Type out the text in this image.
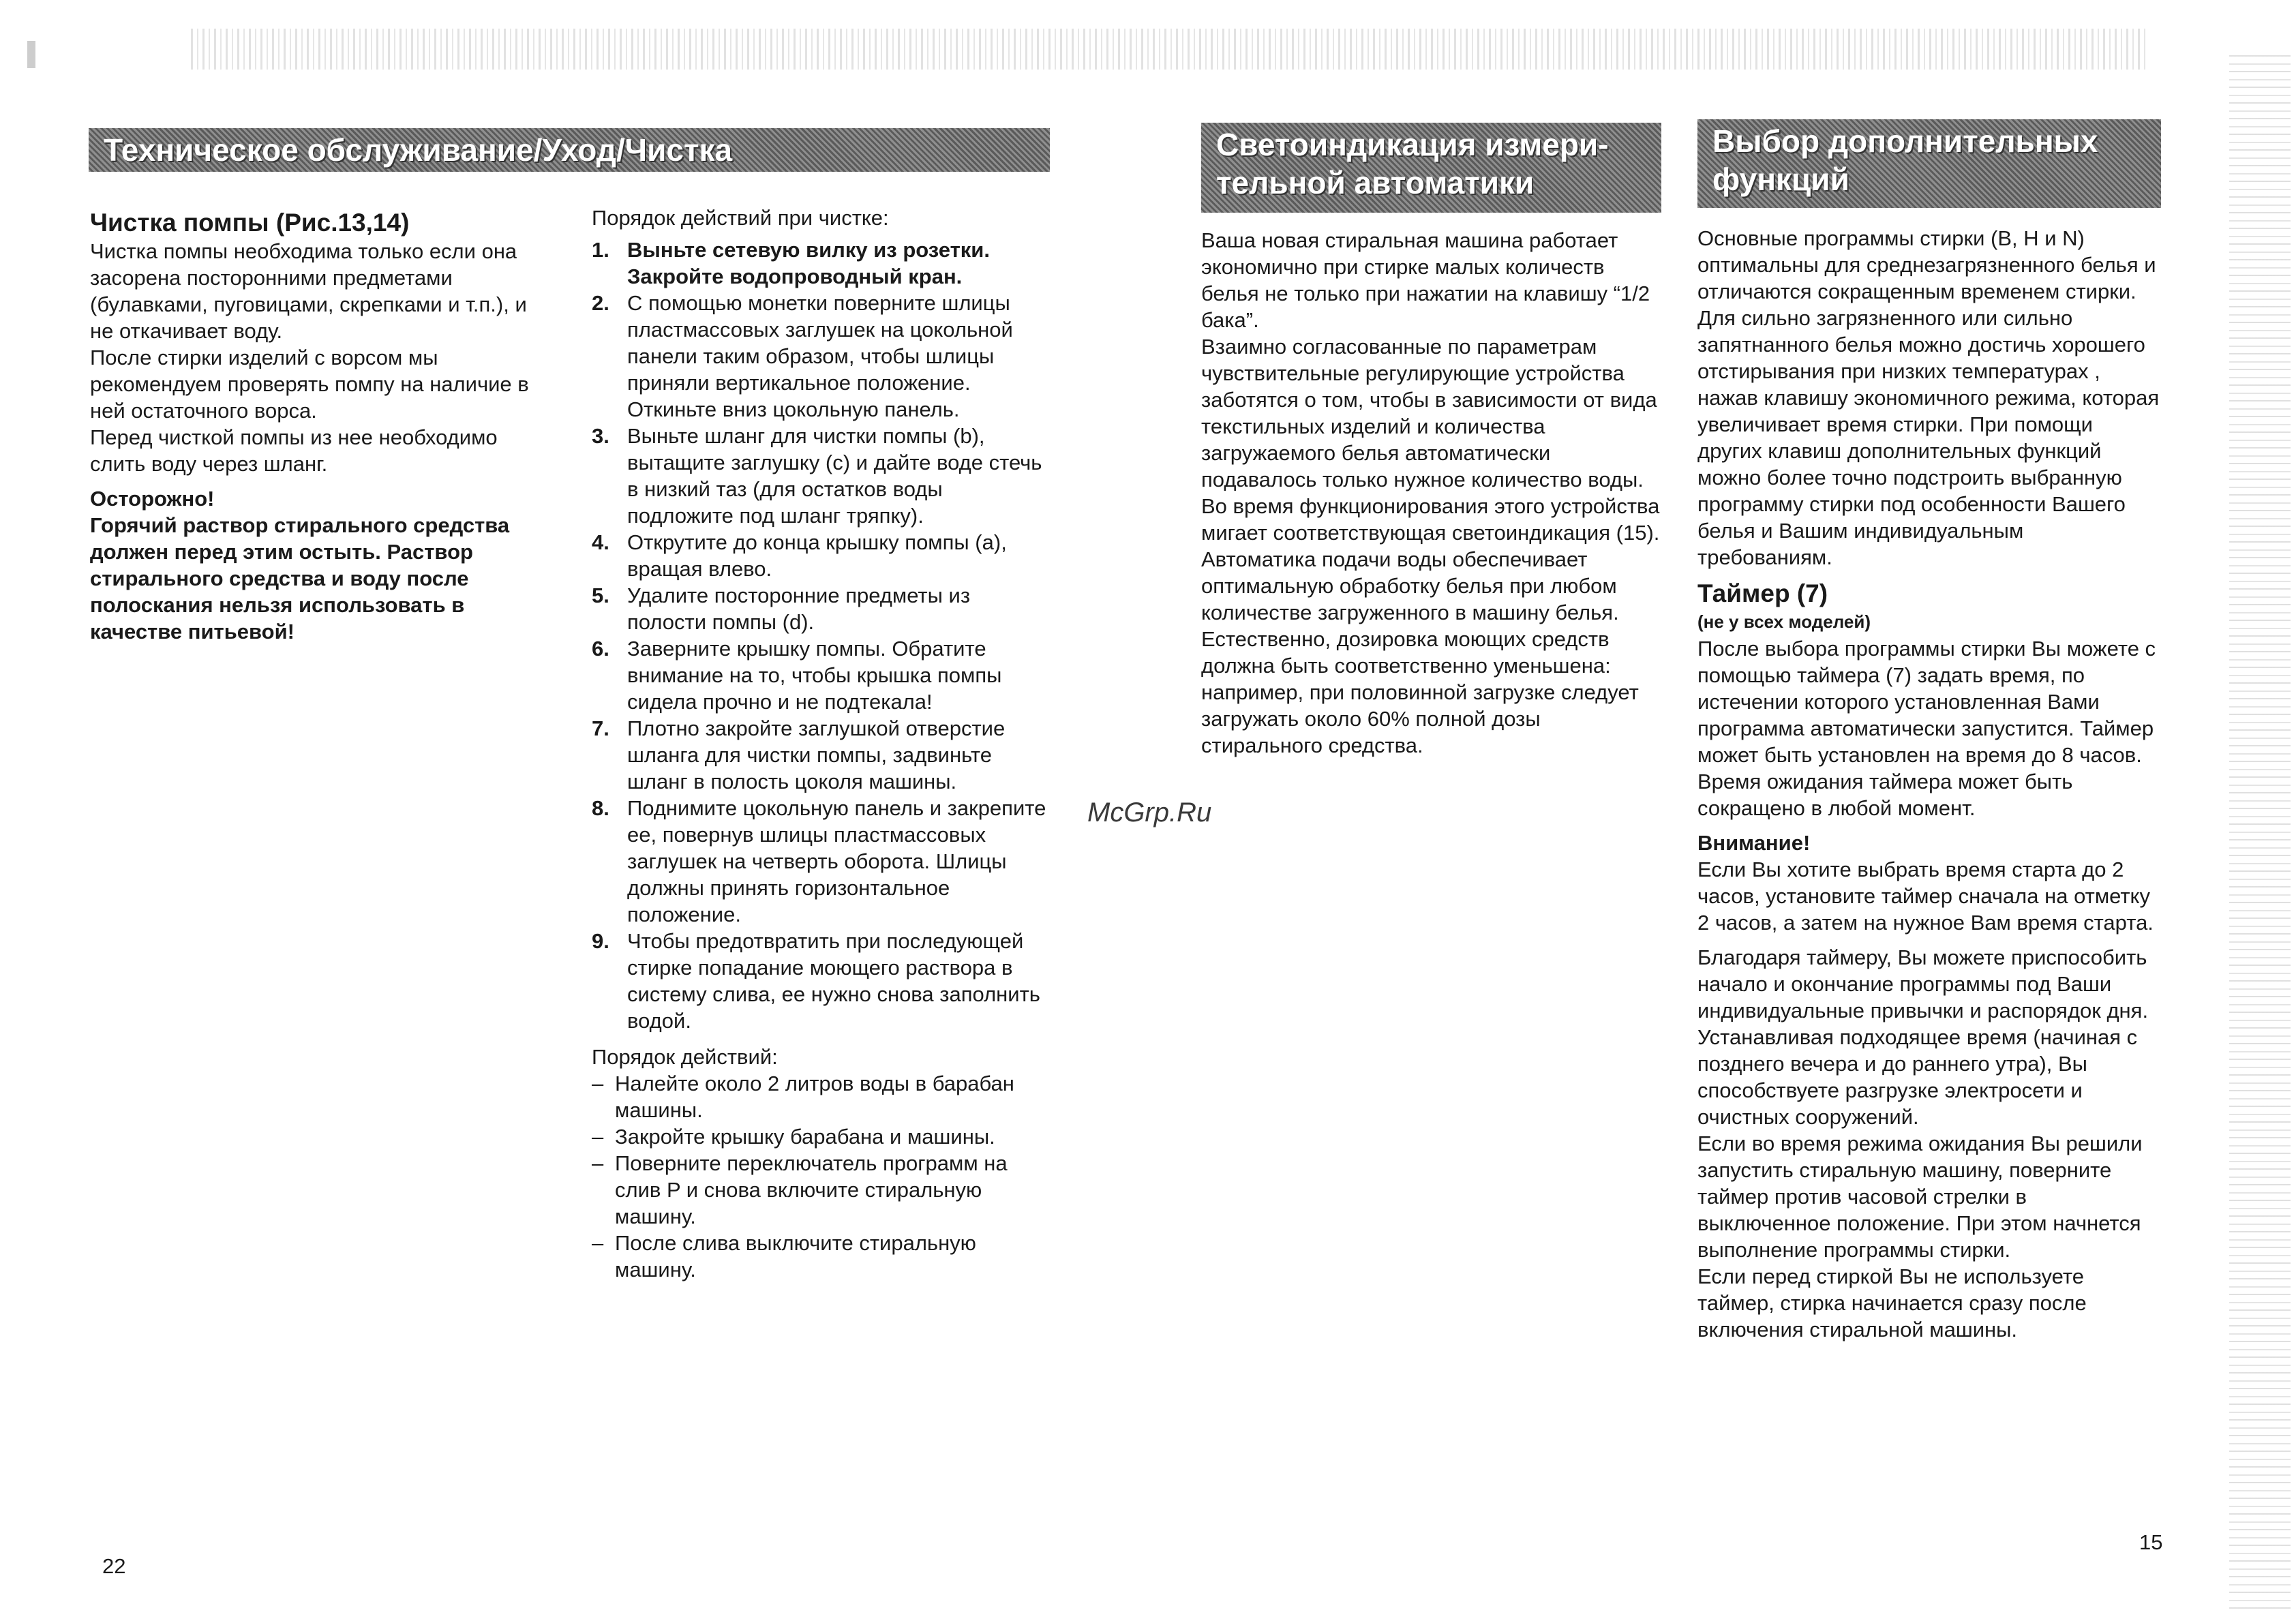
Техническое обслуживание/Уход/Чистка	Светоиндикация измери-тельной автоматики
Выбор дополнительных функций

Чистка помпы (Рис.13,14)

Чистка помпы необходима только если она засорена посторонними предметами (булавками, пуговицами, скрепками и т.п.), и не откачивает воду.

После стирки изделий с ворсом мы рекомендуем проверять помпу на наличие в ней остаточного ворса.

Перед чисткой помпы из нее необходимо слить воду через шланг.

Осторожно!

Горячий раствор стирального средства должен перед этим остыть. Раствор стирального средства и воду после полоскания нельзя использовать в качестве питьевой!

Порядок действий при чистке:

1. Выньте сетевую вилку из розетки. Закройте водопроводный кран.
2. С помощью монетки поверните шлицы пластмассовых заглушек на цокольной панели таким образом, чтобы шлицы приняли вертикальное положение. Откиньте вниз цокольную панель.
3. Выньте шланг для чистки помпы (b), вытащите заглушку (c) и дайте воде стечь в низкий таз (для остатков воды подложите под шланг тряпку).
4. Открутите до конца крышку помпы (a), вращая влево.
5. Удалите посторонние предметы из полости помпы (d).
6. Заверните крышку помпы. Обратите внимание на то, чтобы крышка помпы сидела прочно и не подтекала!
7. Плотно закройте заглушкой отверстие шланга для чистки помпы, задвиньте шланг в полость цоколя машины.
8. Поднимите цокольную панель и закрепите ее, повернув шлицы пластмассовых заглушек на четверть оборота. Шлицы должны принять горизонтальное положение.
9. Чтобы предотвратить при последующей стирке попадание моющего раствора в систему слива, ее нужно снова заполнить водой.

Порядок действий:

– Налейте около 2 литров воды в барабан машины.
– Закройте крышку барабана и машины.
– Поверните переключатель программ на слив P и снова включите стиральную машину.
– После слива выключите стиральную машину.

Ваша новая стиральная машина работает экономично при стирке малых количеств белья не только при нажатии на клавишу “1/2 бака”.

Взаимно согласованные по параметрам чувствительные регулирующие устройства заботятся о том, чтобы в зависимости от вида текстильных изделий и количества загружаемого белья автоматически подавалось только нужное количество воды.

Во время функционирования этого устройства мигает соответствующая светоиндикация (15).

Автоматика подачи воды обеспечивает оптимальную обработку белья при любом количестве загруженного в машину белья. Естественно, дозировка моющих средств должна быть соответственно уменьшена: например, при половинной загрузке следует загружать около 60% полной дозы стирального средства.

Основные программы стирки (B, H и N) оптимальны для среднезагрязненного белья и отличаются сокращенным временем стирки. Для сильно загрязненного или сильно запятнанного белья можно достичь хорошего отстирывания при низких температурах , нажав клавишу экономичного режима, которая увеличивает время стирки. При помощи других клавиш дополнительных функций можно более точно подстроить выбранную программу стирки под особенности Вашего белья и Вашим индивидуальным требованиям.

Таймер (7)

(не у всех моделей)

После выбора программы стирки Вы можете с помощью таймера (7) задать время, по истечении которого установленная Вами программа автоматически запустится. Таймер может быть установлен на время до 8 часов. Время ожидания таймера может быть сокращено в любой момент.

Внимание!

Если Вы хотите выбрать время старта до 2 часов, установите таймер сначала на отметку 2 часов, а затем на нужное Вам время старта.

Благодаря таймеру, Вы можете приспособить начало и окончание программы под Ваши индивидуальные привычки и распорядок дня.

Устанавливая подходящее время (начиная с позднего вечера и до раннего утра), Вы способствуете разгрузке электросети и очистных сооружений.

Если во время режима ожидания Вы решили запустить стиральную машину, поверните таймер против часовой стрелки в выключенное положение. При этом начнется выполнение программы стирки.

Если перед стиркой Вы не используете таймер, стирка начинается сразу после включения стиральной машины.

McGrp.Ru
22
15
